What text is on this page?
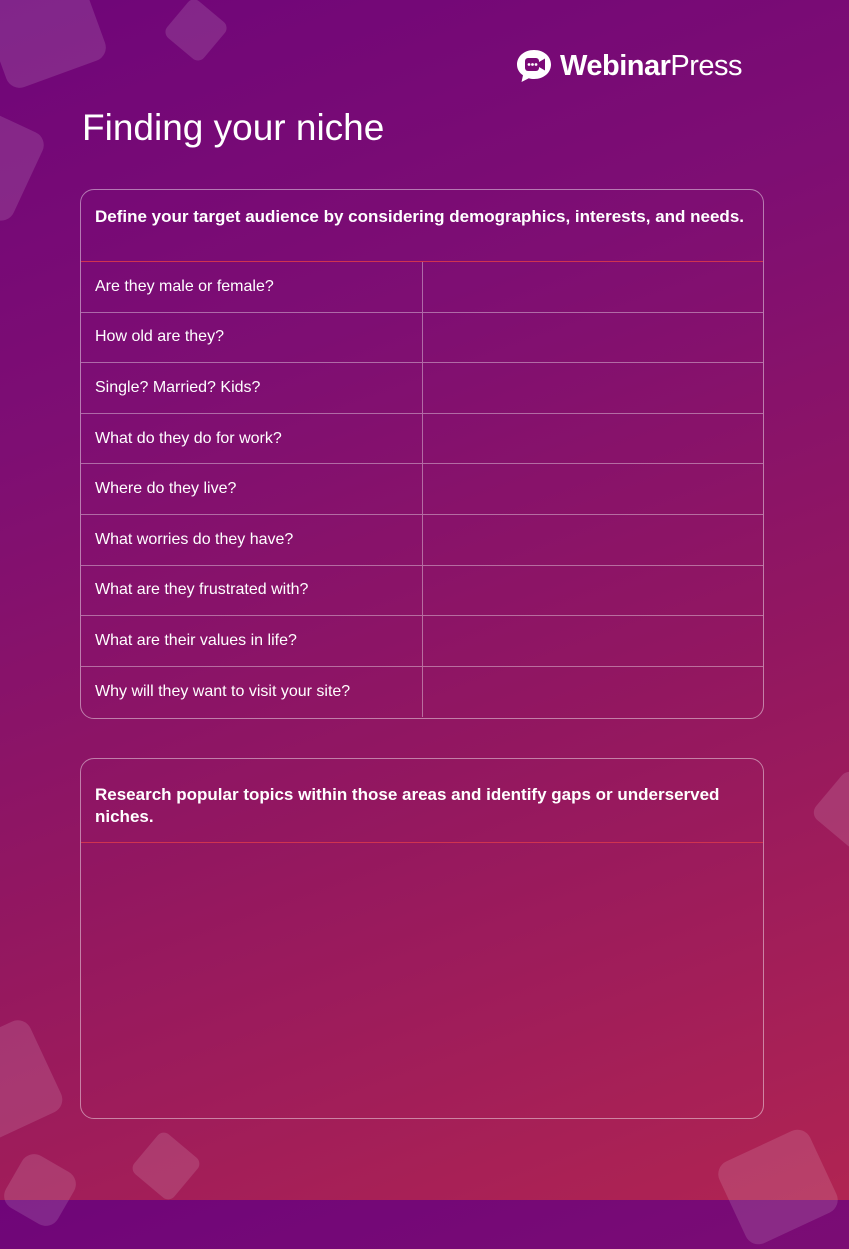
WebinarPress
Finding your niche
Define your target audience by considering demographics, interests, and needs.
Are they male or female?
How old are they?
Single? Married? Kids?
What do they do for work?
Where do they live?
What worries do they have?
What are they frustrated with?
What are their values in life?
Why will they want to visit your site?
Research popular topics within those areas and identify gaps or underserved niches.
